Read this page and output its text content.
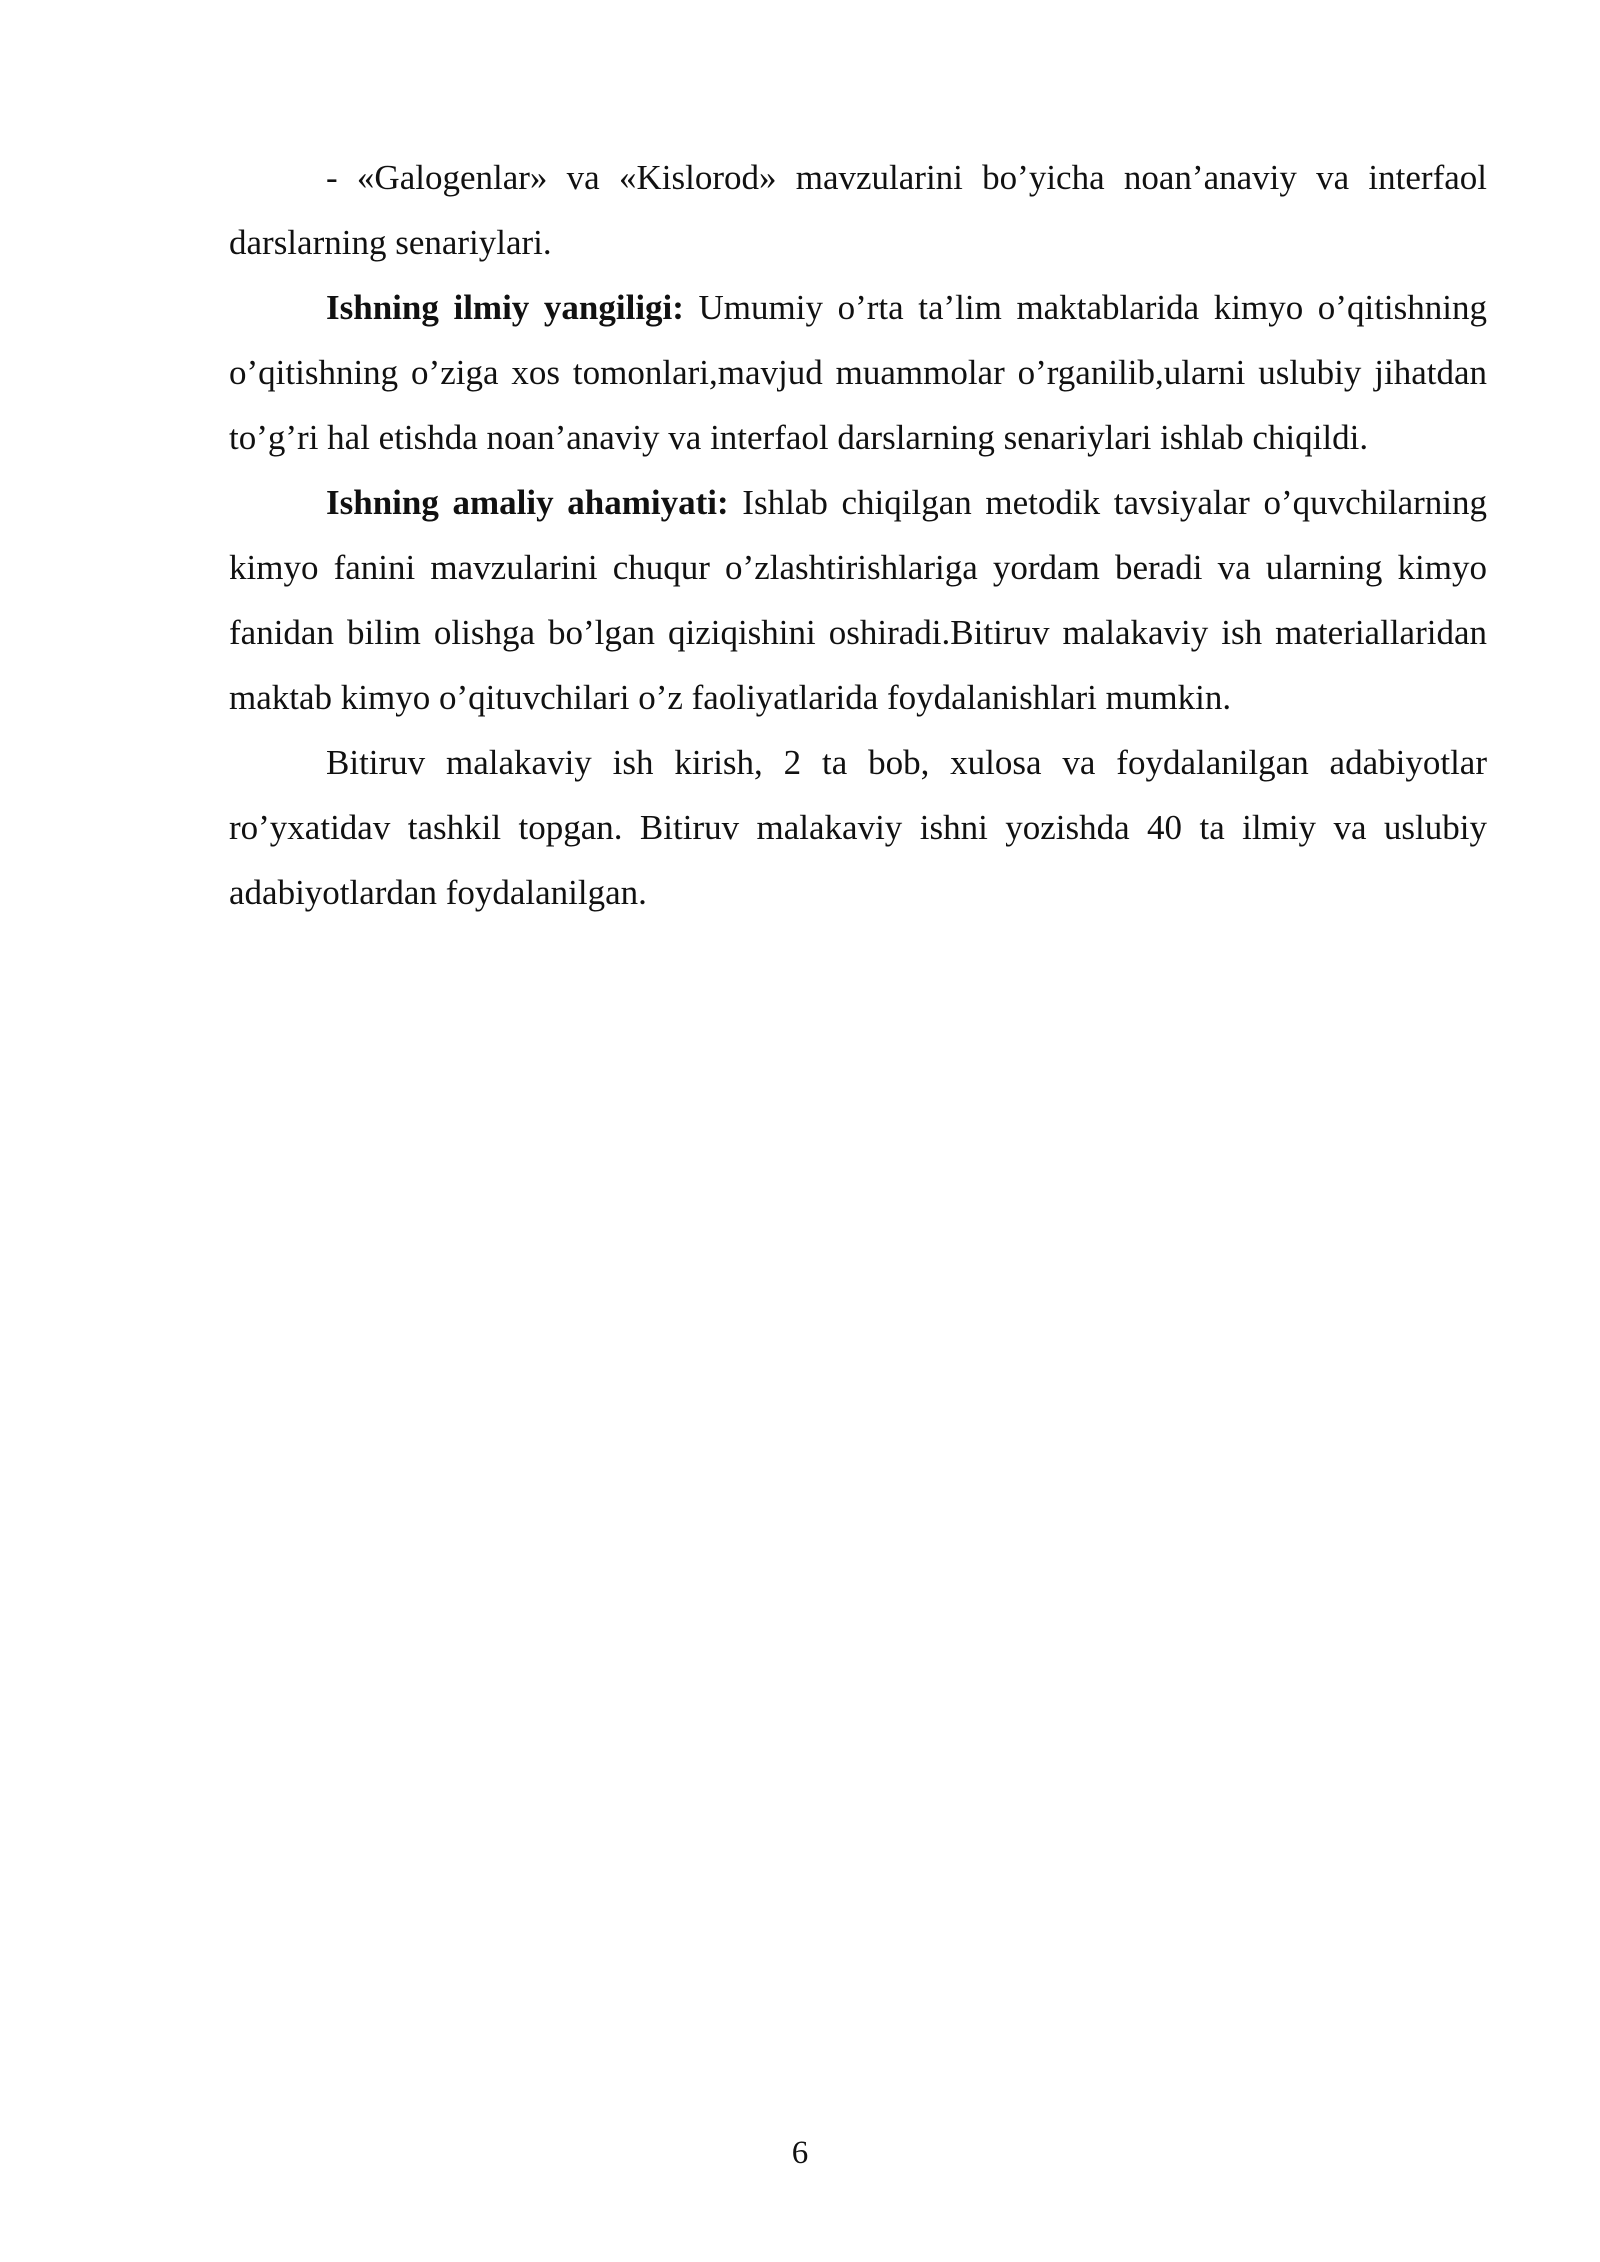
- «Galogenlar» va «Kislorod» mavzularini bo’yicha noan’anaviy va interfaol darslarning senariylari.

Ishning ilmiy yangiligi: Umumiy o’rta ta’lim maktablarida kimyo o’qitishning o’qitishning o’ziga xos tomonlari,mavjud muammolar o’rganilib,ularni uslubiy jihatdan to’g’ri hal etishda noan’anaviy va interfaol darslarning senariylari ishlab chiqildi.

Ishning amaliy ahamiyati: Ishlab chiqilgan metodik tavsiyalar o’quvchilarning kimyo fanini mavzularini chuqur o’zlashtirishlariga yordam beradi va ularning kimyo fanidan bilim olishga bo’lgan qiziqishini oshiradi.Bitiruv malakaviy ish materiallaridan maktab kimyo o’qituvchilari o’z faoliyatlarida foydalanishlari mumkin.

Bitiruv malakaviy ish kirish, 2 ta bob, xulosa va foydalanilgan adabiyotlar ro’yxatidav tashkil topgan. Bitiruv malakaviy ishni yozishda 40 ta ilmiy va uslubiy adabiyotlardan foydalanilgan.

6
